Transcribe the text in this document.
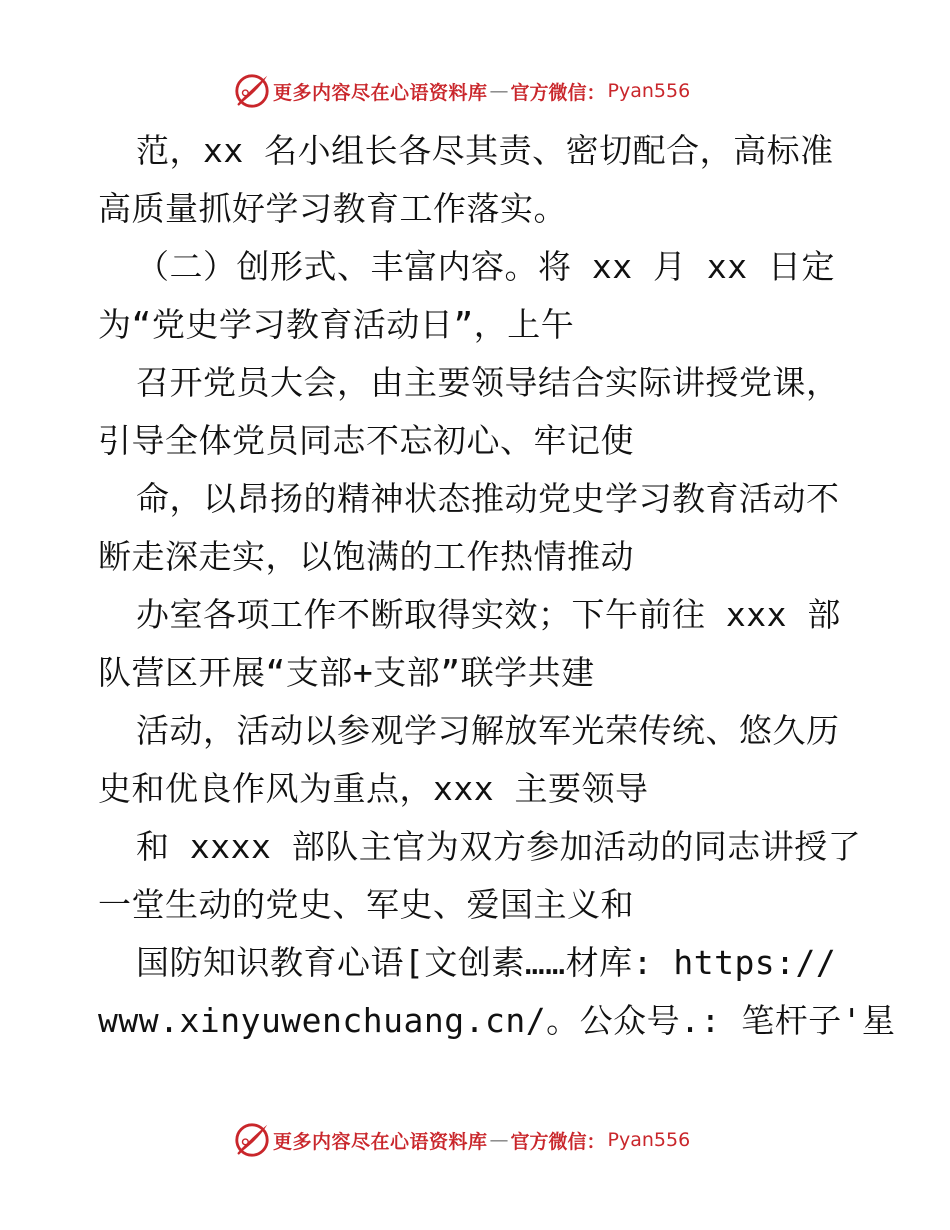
更多内容尽在心语资料库 — 官方微信： Pyan556
范，xx 名小组长各尽其责、密切配合，高标准
高质量抓好学习教育工作落实。
（二）创形式、丰富内容。将 xx 月 xx 日定
为“党史学习教育活动日”，上午
召开党员大会，由主要领导结合实际讲授党课，
引导全体党员同志不忘初心、牢记使
命，以昂扬的精神状态推动党史学习教育活动不
断走深走实，以饱满的工作热情推动
办室各项工作不断取得实效；下午前往 xxx 部
队营区开展“支部+支部”联学共建
活动，活动以参观学习解放军光荣传统、悠久历
史和优良作风为重点，xxx 主要领导
和 xxxx 部队主官为双方参加活动的同志讲授了
一堂生动的党史、军史、爱国主义和
国防知识教育心语[文创素……材库: https://
www.xinyuwenchuang.cn/。公众号.: 笔杆子'星
更多内容尽在心语资料库 — 官方微信： Pyan556
